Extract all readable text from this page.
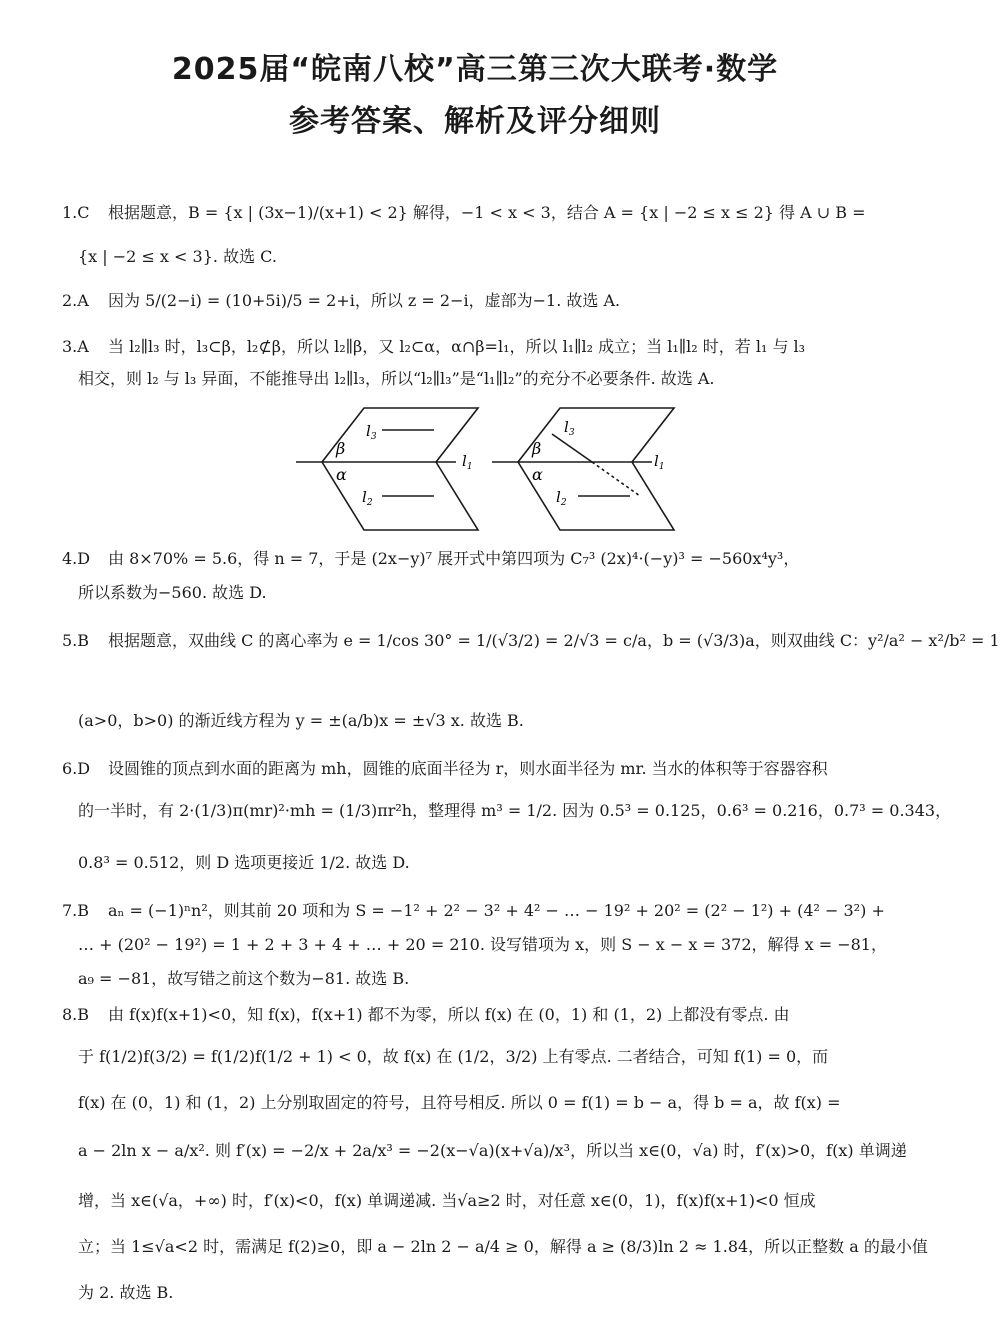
2025届“皖南八校”高三第三次大联考·数学
参考答案、解析及评分细则
1.C 根据题意，B = {x | (3x−1)/(x+1) < 2} 解得，−1 < x < 3，结合 A = {x | −2 ≤ x ≤ 2} 得 A ∪ B =
{x | −2 ≤ x < 3}. 故选 C.
2.A 因为 5/(2−i) = (10+5i)/5 = 2+i，所以 z = 2−i，虚部为−1. 故选 A.
3.A 当 l₂∥l₃ 时，l₃⊂β，l₂⊄β，所以 l₂∥β，又 l₂⊂α，α∩β=l₁，所以 l₁∥l₂ 成立；当 l₁∥l₂ 时，若 l₁ 与 l₃
相交，则 l₂ 与 l₃ 异面，不能推导出 l₂∥l₃，所以“l₂∥l₃”是“l₁∥l₂”的充分不必要条件. 故选 A.
β
α
$l_1$
$l_3$
$l_2$
β
α
$l_1$
$l_3$
$l_2$
4.D 由 8×70% = 5.6，得 n = 7，于是 (2x−y)⁷ 展开式中第四项为 C₇³ (2x)⁴·(−y)³ = −560x⁴y³，
所以系数为−560. 故选 D.
5.B 根据题意，双曲线 C 的离心率为 e = 1/cos 30° = 1/(√3/2) = 2/√3 = c/a，b = (√3/3)a，则双曲线 C：y²/a² − x²/b² = 1
(a>0，b>0) 的渐近线方程为 y = ±(a/b)x = ±√3 x. 故选 B.
6.D 设圆锥的顶点到水面的距离为 mh，圆锥的底面半径为 r，则水面半径为 mr. 当水的体积等于容器容积
的一半时，有 2·(1/3)π(mr)²·mh = (1/3)πr²h，整理得 m³ = 1/2. 因为 0.5³ = 0.125，0.6³ = 0.216，0.7³ = 0.343，
0.8³ = 0.512，则 D 选项更接近 1/2. 故选 D.
7.B aₙ = (−1)ⁿn²，则其前 20 项和为 S = −1² + 2² − 3² + 4² − … − 19² + 20² = (2² − 1²) + (4² − 3²) +
… + (20² − 19²) = 1 + 2 + 3 + 4 + … + 20 = 210. 设写错项为 x，则 S − x − x = 372，解得 x = −81，
a₉ = −81，故写错之前这个数为−81. 故选 B.
8.B 由 f(x)f(x+1)<0，知 f(x)，f(x+1) 都不为零，所以 f(x) 在 (0，1) 和 (1，2) 上都没有零点. 由
于 f(1/2)f(3/2) = f(1/2)f(1/2 + 1) < 0，故 f(x) 在 (1/2，3/2) 上有零点. 二者结合，可知 f(1) = 0，而
f(x) 在 (0，1) 和 (1，2) 上分别取固定的符号，且符号相反. 所以 0 = f(1) = b − a，得 b = a，故 f(x) =
a − 2ln x − a/x². 则 f′(x) = −2/x + 2a/x³ = −2(x−√a)(x+√a)/x³，所以当 x∈(0，√a) 时，f′(x)>0，f(x) 单调递
增，当 x∈(√a，+∞) 时，f′(x)<0，f(x) 单调递减. 当√a≥2 时，对任意 x∈(0，1)，f(x)f(x+1)<0 恒成
立；当 1≤√a<2 时，需满足 f(2)≥0，即 a − 2ln 2 − a/4 ≥ 0，解得 a ≥ (8/3)ln 2 ≈ 1.84，所以正整数 a 的最小值
为 2. 故选 B.
